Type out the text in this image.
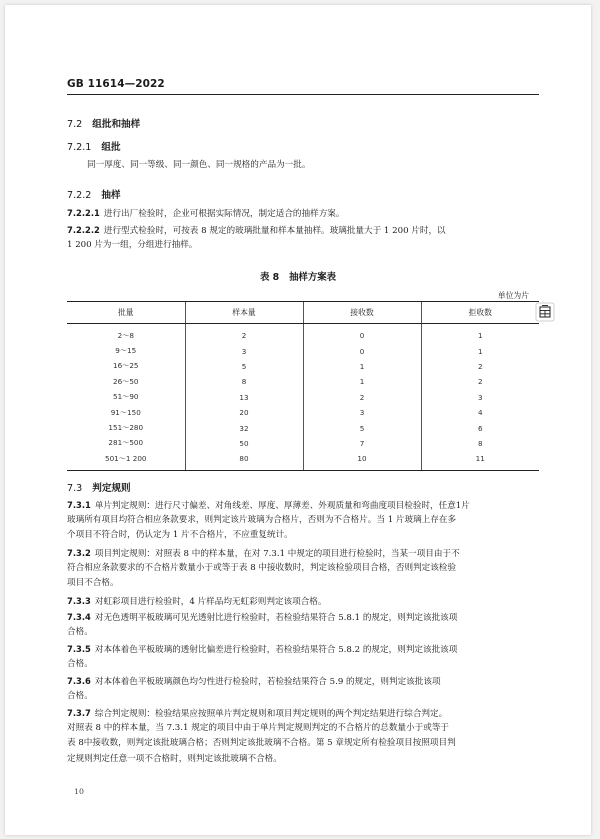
GB 11614—2022
7.2 组批和抽样
7.2.1 组批
同一厚度、同一等级、同一颜色、同一规格的产品为一批。
7.2.2 抽样
7.2.2.1 进行出厂检验时，企业可根据实际情况，制定适合的抽样方案。
7.2.2.2 进行型式检验时，可按表 8 规定的玻璃批量和样本量抽样。玻璃批量大于 1 200 片时，以
1 200 片为一组，分组进行抽样。
表 8 抽样方案表
单位为片
批量	样本量	接收数	拒收数
2～8	2	0	1
9～15	3	0	1
16～25	5	1	2
26～50	8	1	2
51～90	13	2	3
91～150	20	3	4
151～280	32	5	6
281～500	50	7	8
501～1 200	80	10	11
7.3 判定规则
7.3.1 单片判定规则：进行尺寸偏差、对角线差、厚度、厚薄差、外观质量和弯曲度项目检验时，任意1片
玻璃所有项目均符合相应条款要求，则判定该片玻璃为合格片，否则为不合格片。当 1 片玻璃上存在多
个项目不符合时，仍认定为 1 片不合格片，不应重复统计。
7.3.2 项目判定规则：对照表 8 中的样本量，在对 7.3.1 中规定的项目进行检验时，当某一项目由于不
符合相应条款要求的不合格片数量小于或等于表 8 中接收数时，判定该检验项目合格，否则判定该检验
项目不合格。
7.3.3 对虹彩项目进行检验时，4 片样品均无虹彩则判定该项合格。
7.3.4 对无色透明平板玻璃可见光透射比进行检验时，若检验结果符合 5.8.1 的规定，则判定该批该项
合格。
7.3.5 对本体着色平板玻璃的透射比偏差进行检验时，若检验结果符合 5.8.2 的规定，则判定该批该项
合格。
7.3.6 对本体着色平板玻璃颜色均匀性进行检验时，若检验结果符合 5.9 的规定，则判定该批该项
合格。
7.3.7 综合判定规则：检验结果应按照单片判定规则和项目判定规则的两个判定结果进行综合判定。
对照表 8 中的样本量，当 7.3.1 规定的项目中由于单片判定规则判定的不合格片的总数量小于或等于
表 8中接收数，则判定该批玻璃合格；否则判定该批玻璃不合格。第 5 章规定所有检验项目按照项目判
定规则判定任意一项不合格时，则判定该批玻璃不合格。
10
